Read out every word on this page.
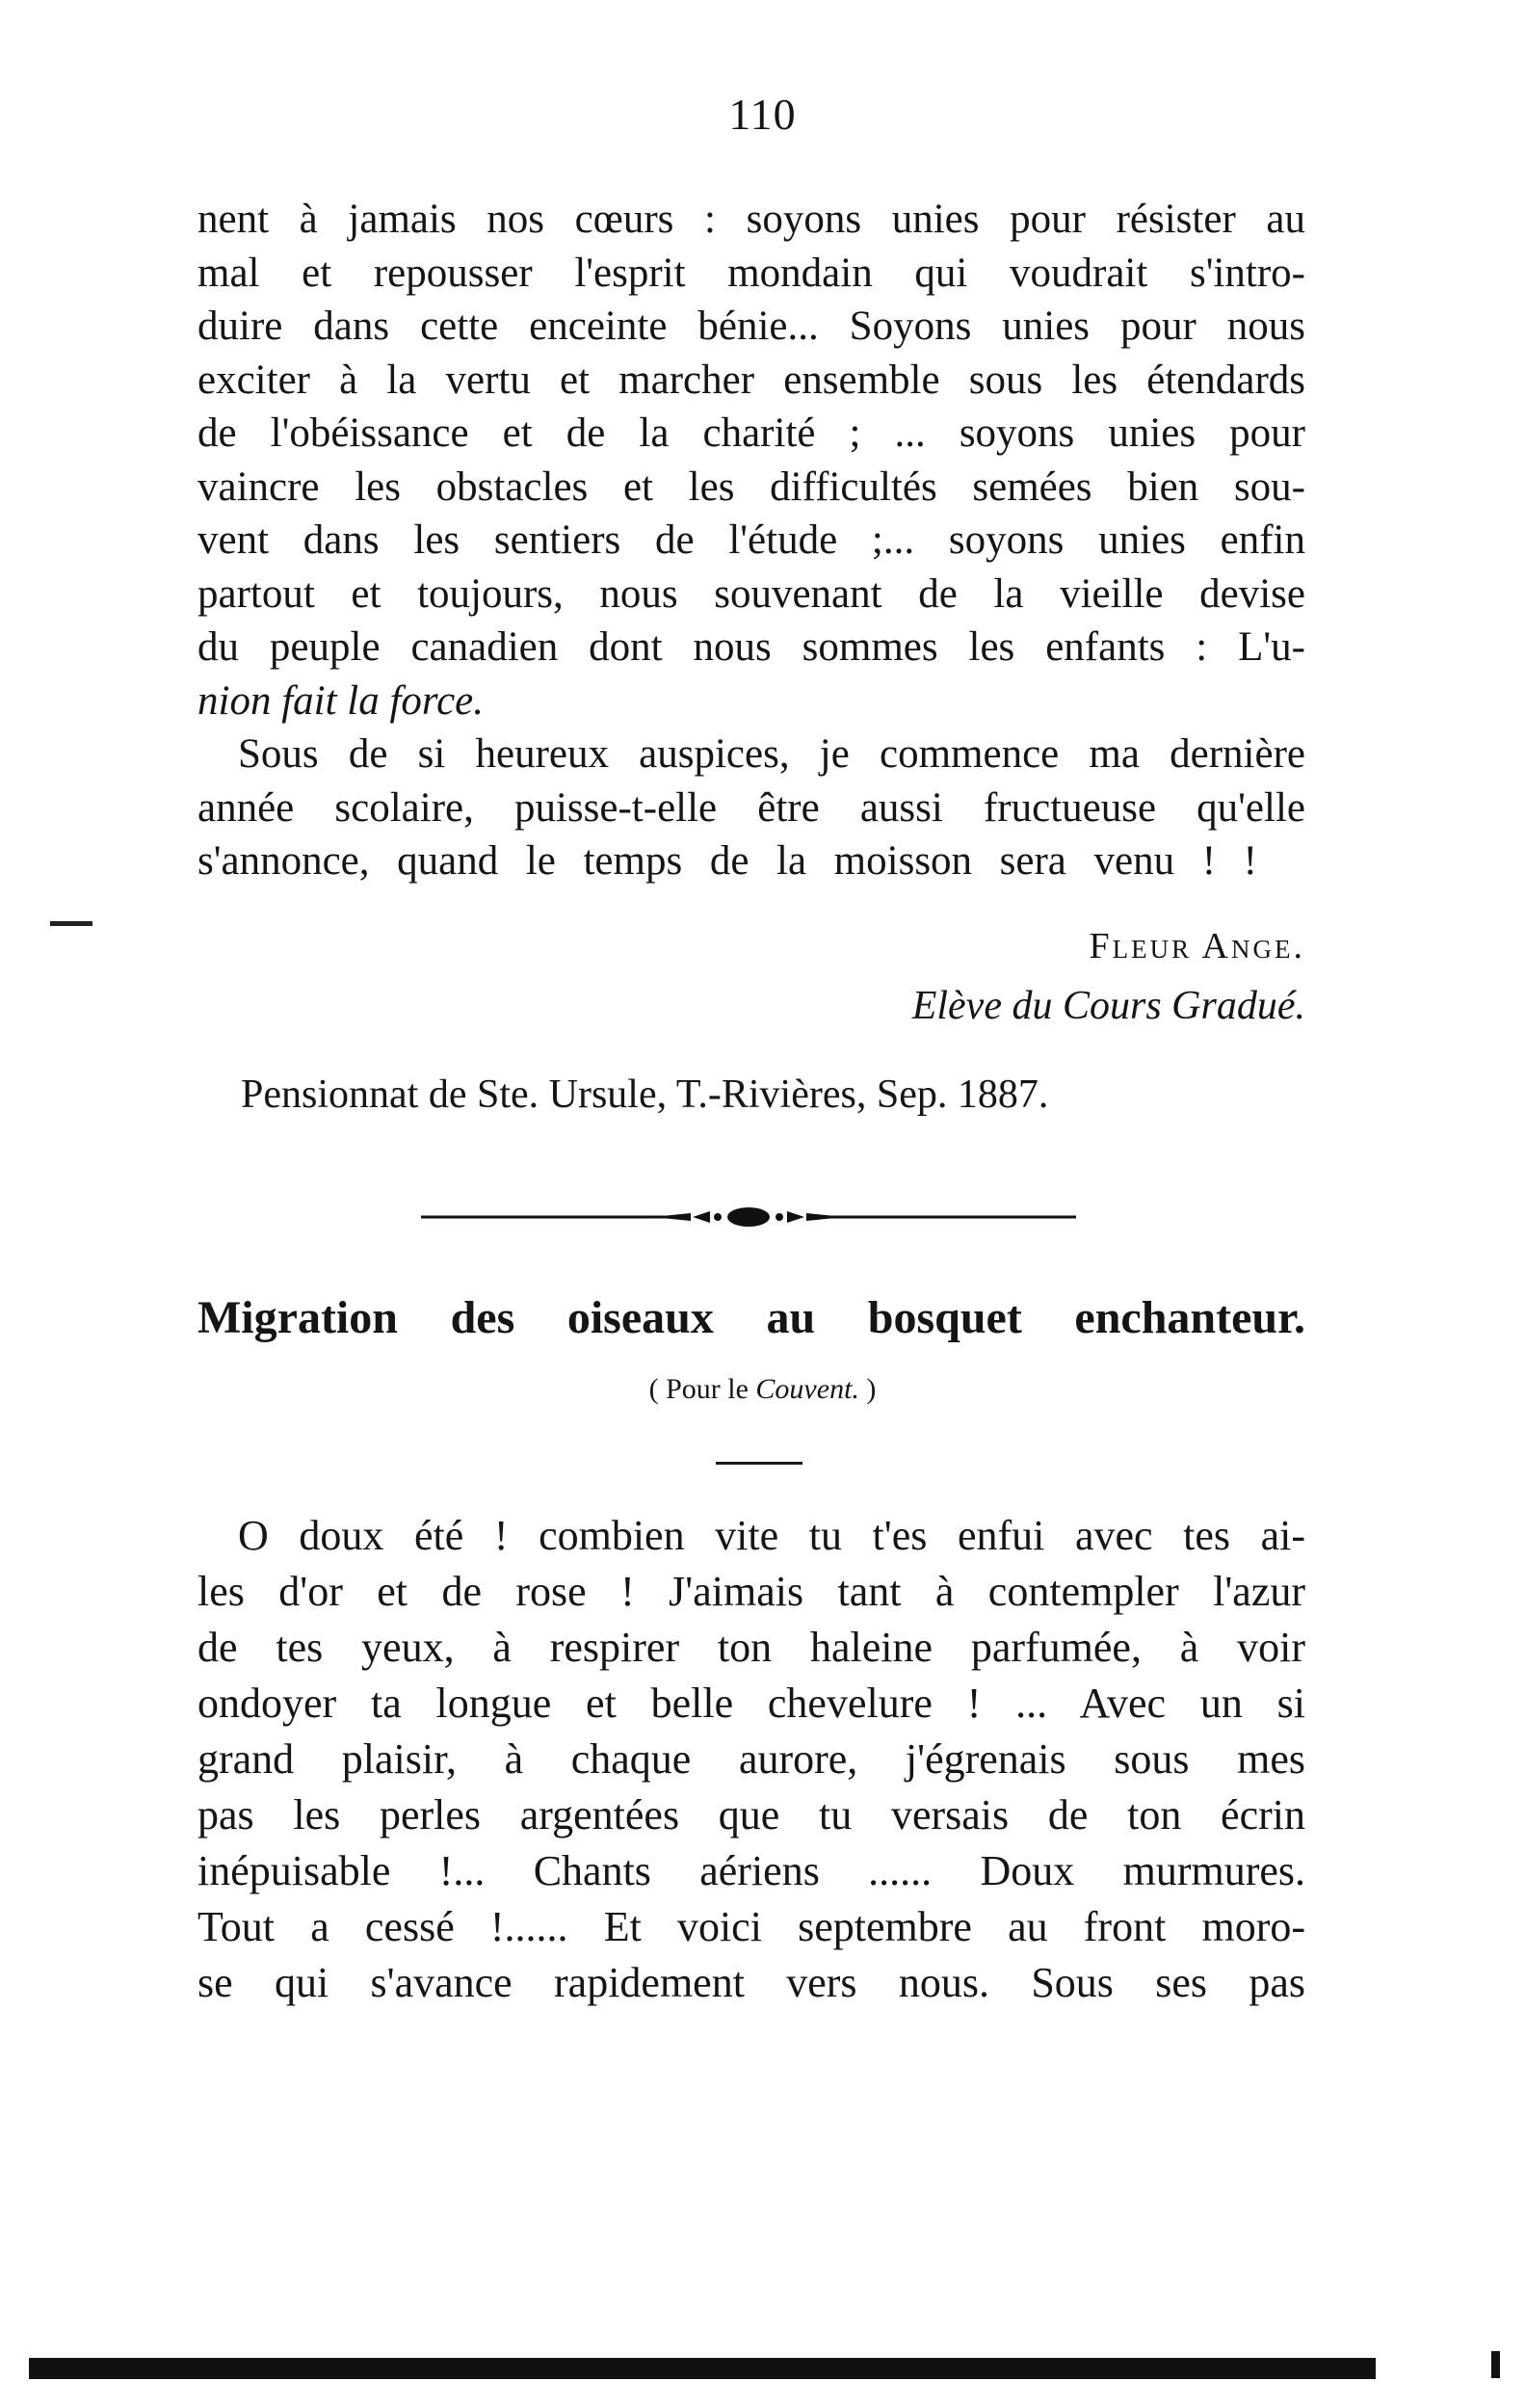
110
nent à jamais nos cœurs : soyons unies pour résister au
mal et repousser l'esprit mondain qui voudrait s'intro-
duire dans cette enceinte bénie... Soyons unies pour nous
exciter à la vertu et marcher ensemble sous les étendards
de l'obéissance et de la charité ; ... soyons unies pour
vaincre les obstacles et les difficultés semées bien sou-
vent dans les sentiers de l'étude ;... soyons unies enfin
partout et toujours, nous souvenant de la vieille devise
du peuple canadien dont nous sommes les enfants : L'u-
nion fait la force.
Sous de si heureux auspices, je commence ma dernière
année scolaire, puisse-t-elle être aussi fructueuse qu'elle
s'annonce, quand le temps de la moisson sera venu ! !
Fleur Ange.
Elève du Cours Gradué.
Pensionnat de Ste. Ursule, T.-Rivières, Sep. 1887.
Migration des oiseaux au bosquet enchanteur.
( Pour le Couvent. )
O doux été ! combien vite tu t'es enfui avec tes ai-
les d'or et de rose ! J'aimais tant à contempler l'azur
de tes yeux, à respirer ton haleine parfumée, à voir
ondoyer ta longue et belle chevelure ! ... Avec un si
grand plaisir, à chaque aurore, j'égrenais sous mes
pas les perles argentées que tu versais de ton écrin
inépuisable !... Chants aériens ...... Doux murmures.
Tout a cessé !...... Et voici septembre au front moro-
se qui s'avance rapidement vers nous. Sous ses pas
